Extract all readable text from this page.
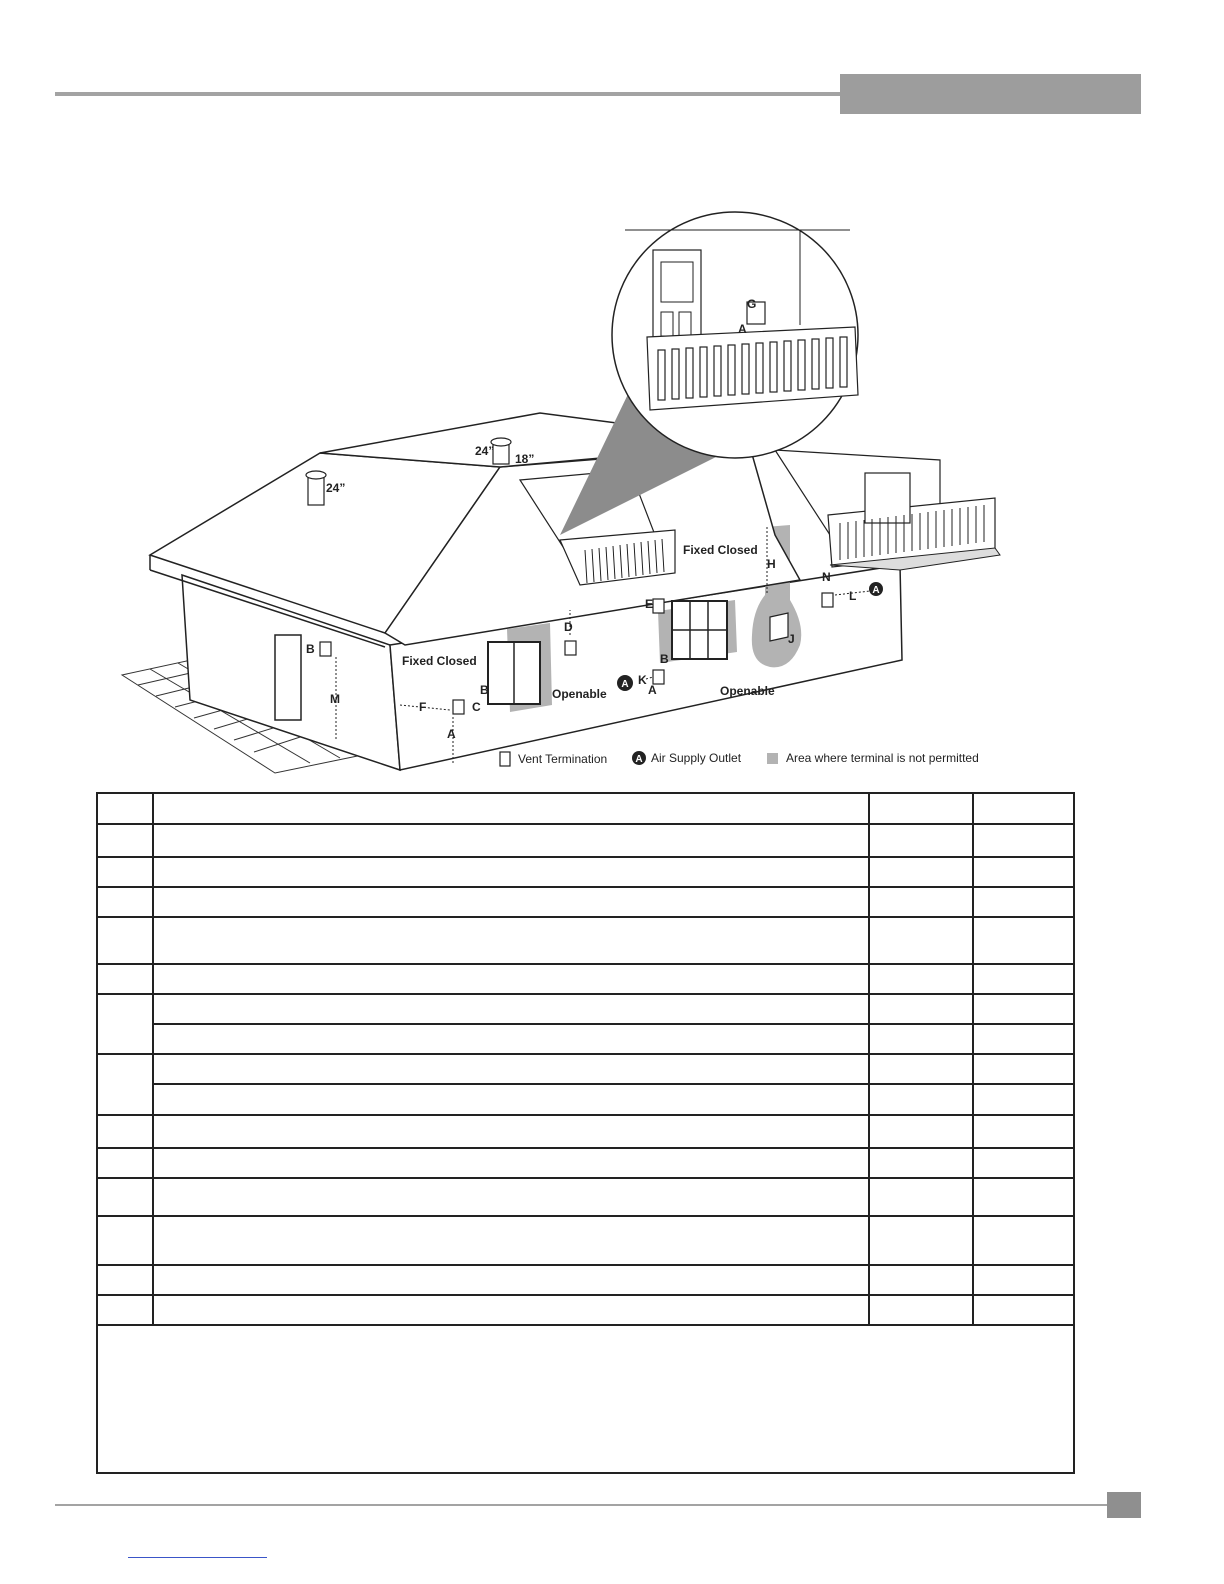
A
A
G
A
24”
18”
24”
Fixed Closed
H
N
L
E
D
J
B
Fixed Closed	B
K
B	Openable	A	Openable
M
F	C
A
Vent Termination	A Air Supply Outlet	Area where terminal is not permitted
